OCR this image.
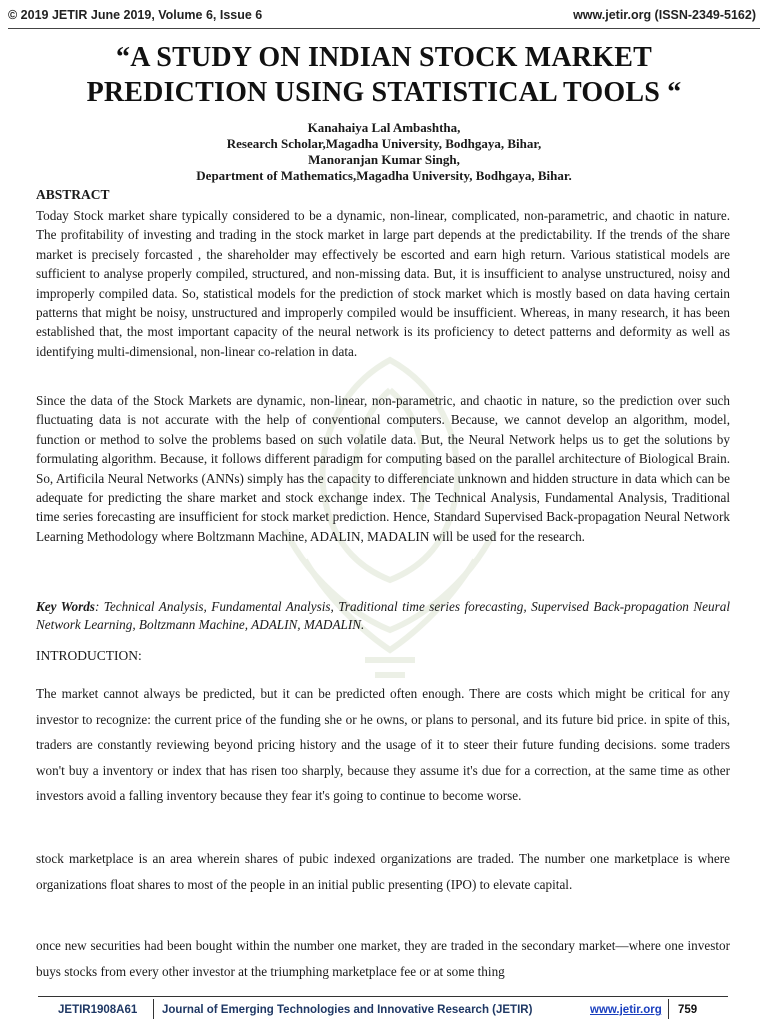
© 2019 JETIR June 2019, Volume 6, Issue 6	www.jetir.org (ISSN-2349-5162)
“A STUDY ON INDIAN STOCK MARKET
PREDICTION USING STATISTICAL TOOLS “
Kanahaiya Lal Ambashtha,
Research Scholar,Magadha University, Bodhgaya, Bihar,
Manoranjan Kumar Singh,
Department of Mathematics,Magadha University, Bodhgaya, Bihar.
ABSTRACT

Today Stock market share typically considered to be a dynamic, non-linear, complicated, non-parametric, and chaotic in nature. The profitability of investing and trading in the stock market in large part depends at the predictability. If the trends of the share market is precisely forcasted , the shareholder may effectively be escorted and earn high return. Various statistical models are sufficient to analyse properly compiled, structured, and non-missing data. But, it is insufficient to analyse unstructured, noisy and improperly compiled data. So, statistical models for the prediction of stock market which is mostly based on data having certain patterns that might be noisy, unstructured and improperly compiled would be insufficient. Whereas, in many research, it has been established that, the most important capacity of the neural network is its proficiency to detect patterns and deformity as well as identifying multi-dimensional, non-linear co-relation in data.

Since the data of the Stock Markets are dynamic, non-linear, non-parametric, and chaotic in nature, so the prediction over such fluctuating data is not accurate with the help of conventional computers. Because, we cannot develop an algorithm, model, function or method to solve the problems based on such volatile data. But, the Neural Network helps us to get the solutions by formulating algorithm. Because, it follows different paradigm for computing based on the parallel architecture of Biological Brain. So, Artificila Neural Networks (ANNs) simply has the capacity to differenciate unknown and hidden structure in data which can be adequate for predicting the share market and stock exchange index. The Technical Analysis, Fundamental Analysis, Traditional time series forecasting are insufficient for stock market prediction. Hence, Standard Supervised Back-propagation Neural Network Learning Methodology where Boltzmann Machine, ADALIN, MADALIN will be used for the research.

Key Words: Technical Analysis, Fundamental Analysis, Traditional time series forecasting, Supervised Back-propagation Neural Network Learning, Boltzmann Machine, ADALIN, MADALIN.

INTRODUCTION:

The market cannot always be predicted, but it can be predicted often enough. There are costs which might be critical for any investor to recognize: the current price of the funding she or he owns, or plans to personal, and its future bid price. in spite of this, traders are constantly reviewing beyond pricing history and the usage of it to steer their future funding decisions. some traders won't buy a inventory or index that has risen too sharply, because they assume it's due for a correction, at the same time as other investors avoid a falling inventory because they fear it's going to continue to become worse.

stock marketplace is an area wherein shares of pubic indexed organizations are traded. The number one marketplace is where organizations float shares to most of the people in an initial public presenting (IPO) to elevate capital.

once new securities had been bought within the number one market, they are traded in the secondary market—where one investor buys stocks from every other investor at the triumphing marketplace fee or at some thing

JETIR1908A61 Journal of Emerging Technologies and Innovative Research (JETIR)	www.jetir.org 759
